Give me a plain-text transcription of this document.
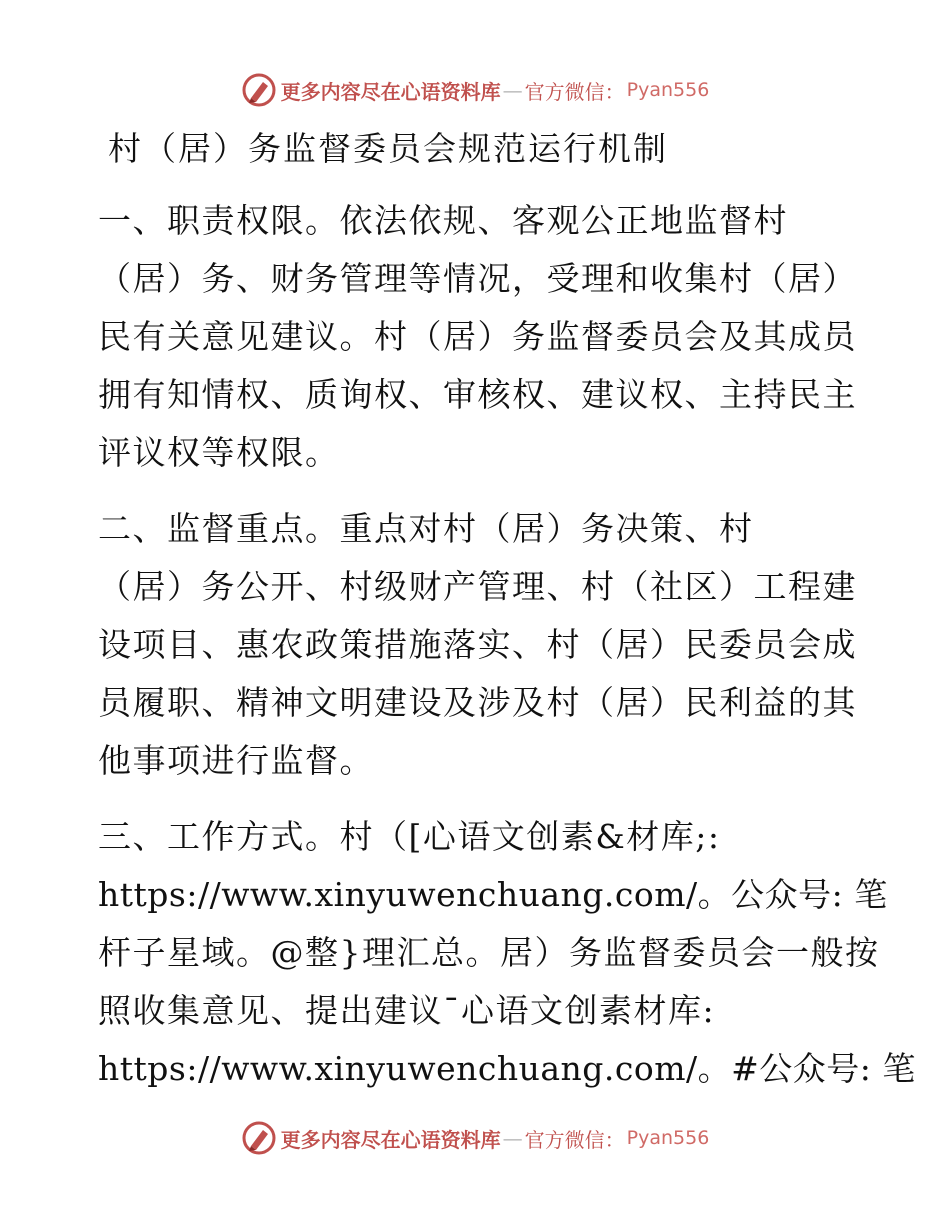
更多内容尽在心语资料库 — 官方微信： Pyan556
村（居）务监督委员会规范运行机制
一、职责权限。依法依规、客观公正地监督村
（居）务、财务管理等情况，受理和收集村（居）
民有关意见建议。村（居）务监督委员会及其成员
拥有知情权、质询权、审核权、建议权、主持民主
评议权等权限。
二、监督重点。重点对村（居）务决策、村
（居）务公开、村级财产管理、村（社区）工程建
设项目、惠农政策措施落实、村（居）民委员会成
员履职、精神文明建设及涉及村（居）民利益的其
他事项进行监督。
三、工作方式。村（[心语文创素&材库;:
https://www.xinyuwenchuang.com/。公众号: 笔
杆子星域。@整}理汇总。居）务监督委员会一般按
照收集意见、提出建议¯心语文创素材库:
https://www.xinyuwenchuang.com/。#公众号: 笔
更多内容尽在心语资料库 — 官方微信： Pyan556
